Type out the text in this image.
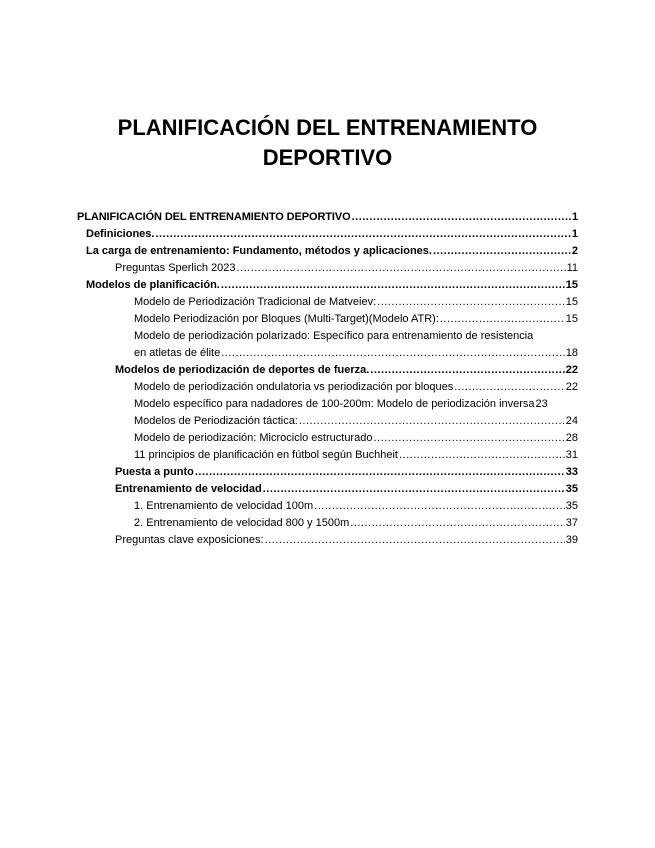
PLANIFICACIÓN DEL ENTRENAMIENTO
DEPORTIVO
PLANIFICACIÓN DEL ENTRENAMIENTO DEPORTIVO .....	1
Definiciones. .....	1
La carga de entrenamiento: Fundamento, métodos y aplicaciones. .....	2
Preguntas Sperlich 2023 .....	11
Modelos de planificación. .....	15
Modelo de Periodización Tradicional de Matveiev: .....	15
Modelo Periodización por Bloques (Multi-Target)(Modelo ATR): .....	15
Modelo de periodización polarizado: Específico para entrenamiento de resistencia
en atletas de élite .....	18
Modelos de periodización de deportes de fuerza. .....	22
Modelo de periodización ondulatoria vs periodización por bloques .....	22
Modelo específico para nadadores de 100-200m: Modelo de periodización inversa 23
Modelos de Periodización táctica: .....	24
Modelo de periodización: Microciclo estructurado .....	28
11 principios de planificación en fútbol según Buchheit .....	31
Puesta a punto .....	33
Entrenamiento de velocidad .....	35
1. Entrenamiento de velocidad 100m .....	35
2. Entrenamiento de velocidad 800 y 1500m .....	37
Preguntas clave exposiciones: .....	39
